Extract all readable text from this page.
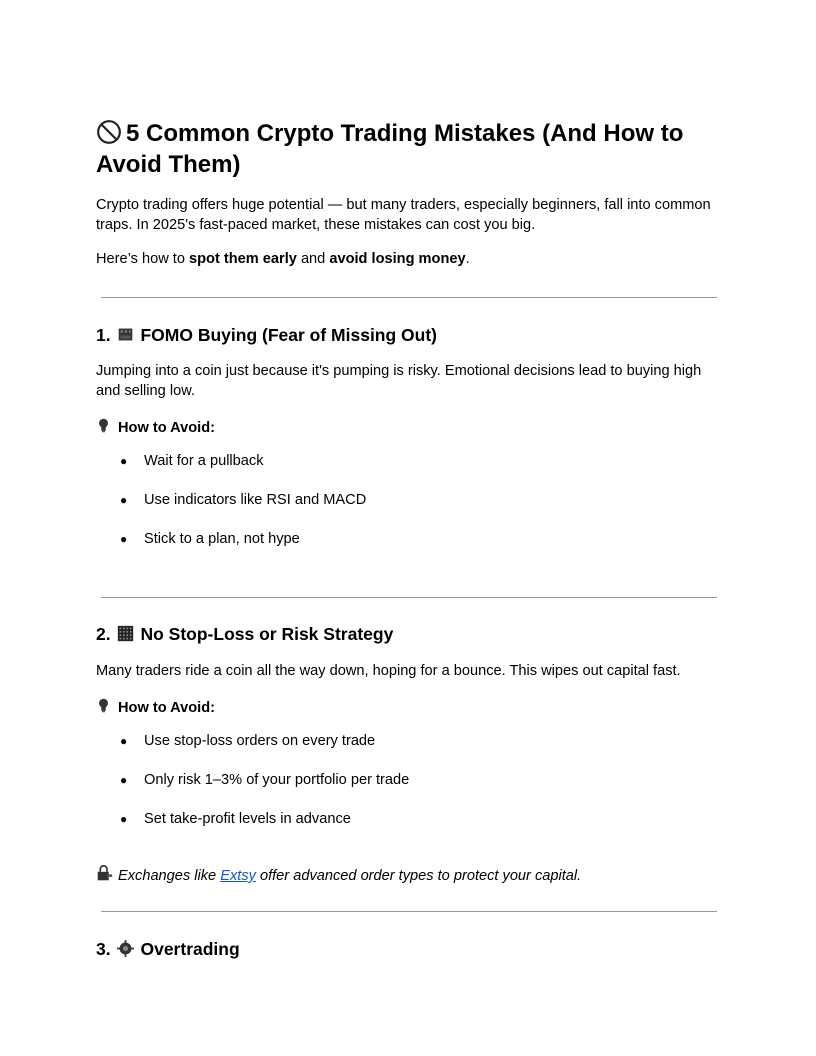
5 Common Crypto Trading Mistakes (And How to Avoid Them)

Crypto trading offers huge potential — but many traders, especially beginners, fall into common traps. In 2025's fast-paced market, these mistakes can cost you big.

Here’s how to spot them early and avoid losing money.

1. FOMO Buying (Fear of Missing Out)

Jumping into a coin just because it's pumping is risky. Emotional decisions lead to buying high and selling low.

How to Avoid:
● Wait for a pullback
● Use indicators like RSI and MACD
● Stick to a plan, not hype
2. No Stop-Loss or Risk Strategy

Many traders ride a coin all the way down, hoping for a bounce. This wipes out capital fast.

How to Avoid:
● Use stop-loss orders on every trade
● Only risk 1–3% of your portfolio per trade
● Set take-profit levels in advance
Exchanges like Extsy offer advanced order types to protect your capital.
3. Overtrading
